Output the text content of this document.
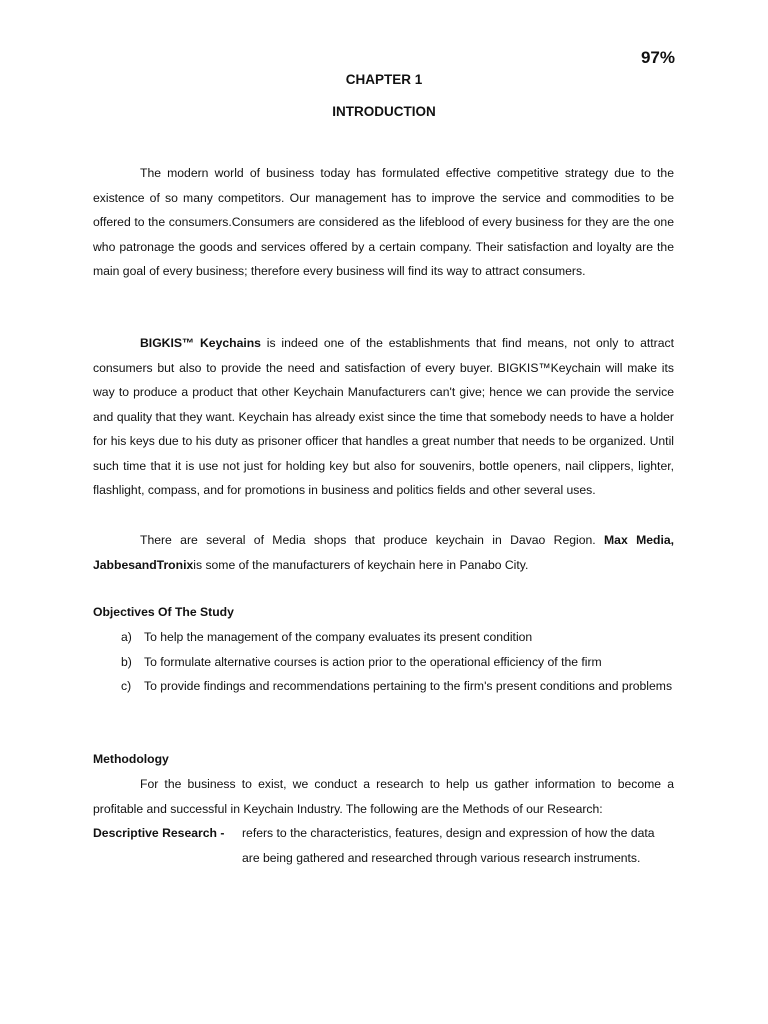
97%
CHAPTER 1
INTRODUCTION

The modern world of business today has formulated effective competitive strategy due to the existence of so many competitors. Our management has to improve the service and commodities to be offered to the consumers.Consumers are considered as the lifeblood of every business for they are the one who patronage the goods and services offered by a certain company. Their satisfaction and loyalty are the main goal of every business; therefore every business will find its way to attract consumers.

BIGKIS™ Keychains is indeed one of the establishments that find means, not only to attract consumers but also to provide the need and satisfaction of every buyer. BIGKIS™Keychain will make its way to produce a product that other Keychain Manufacturers can't give; hence we can provide the service and quality that they want. Keychain has already exist since the time that somebody needs to have a holder for his keys due to his duty as prisoner officer that handles a great number that needs to be organized. Until such time that it is use not just for holding key but also for souvenirs, bottle openers, nail clippers, lighter, flashlight, compass, and for promotions in business and politics fields and other several uses.

There are several of Media shops that produce keychain in Davao Region. Max Media, JabbesandTronixis some of the manufacturers of keychain here in Panabo City.

Objectives Of The Study
a) To help the management of the company evaluates its present condition
b) To formulate alternative courses is action prior to the operational efficiency of the firm
c) To provide findings and recommendations pertaining to the firm's present conditions and problems
Methodology

For the business to exist, we conduct a research to help us gather information to become a profitable and successful in Keychain Industry. The following are the Methods of our Research:

Descriptive Research - refers to the characteristics, features, design and expression of how the data are being gathered and researched through various research instruments.
